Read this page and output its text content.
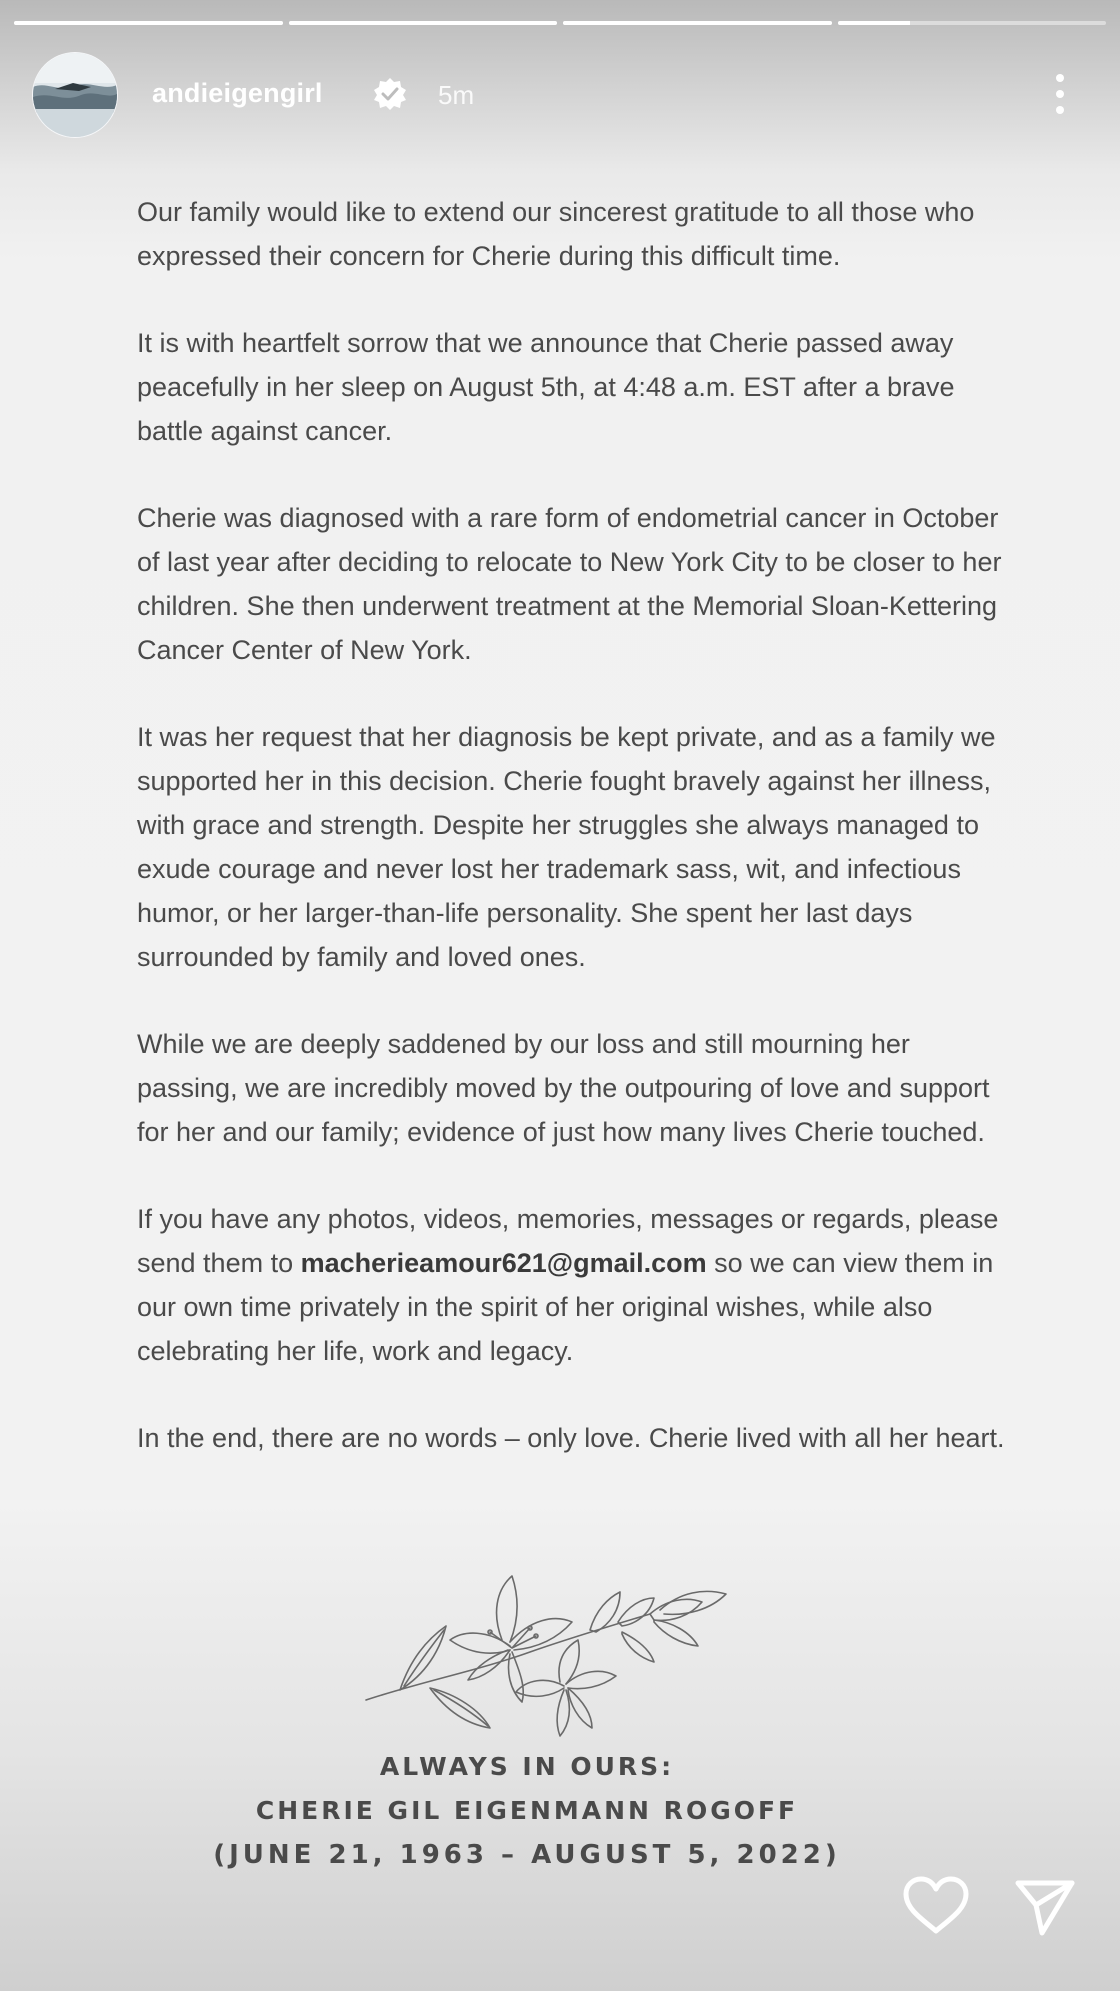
andieigengirl	5m

Our family would like to extend our sincerest gratitude to all those who expressed their concern for Cherie during this difficult time.

It is with heartfelt sorrow that we announce that Cherie passed away peacefully in her sleep on August 5th, at 4:48 a.m. EST after a brave battle against cancer.

Cherie was diagnosed with a rare form of endometrial cancer in October of last year after deciding to relocate to New York City to be closer to her children. She then underwent treatment at the Memorial Sloan-Kettering Cancer Center of New York.

It was her request that her diagnosis be kept private, and as a family we supported her in this decision. Cherie fought bravely against her illness, with grace and strength. Despite her struggles she always managed to exude courage and never lost her trademark sass, wit, and infectious humor, or her larger-than-life personality. She spent her last days surrounded by family and loved ones.

While we are deeply saddened by our loss and still mourning her passing, we are incredibly moved by the outpouring of love and support for her and our family; evidence of just how many lives Cherie touched.

If you have any photos, videos, memories, messages or regards, please send them to macherieamour621@gmail.com so we can view them in our own time privately in the spirit of her original wishes, while also celebrating her life, work and legacy.

In the end, there are no words – only love. Cherie lived with all her heart.

ALWAYS IN OURS:
CHERIE GIL EIGENMANN ROGOFF
(JUNE 21, 1963 – AUGUST 5, 2022)
